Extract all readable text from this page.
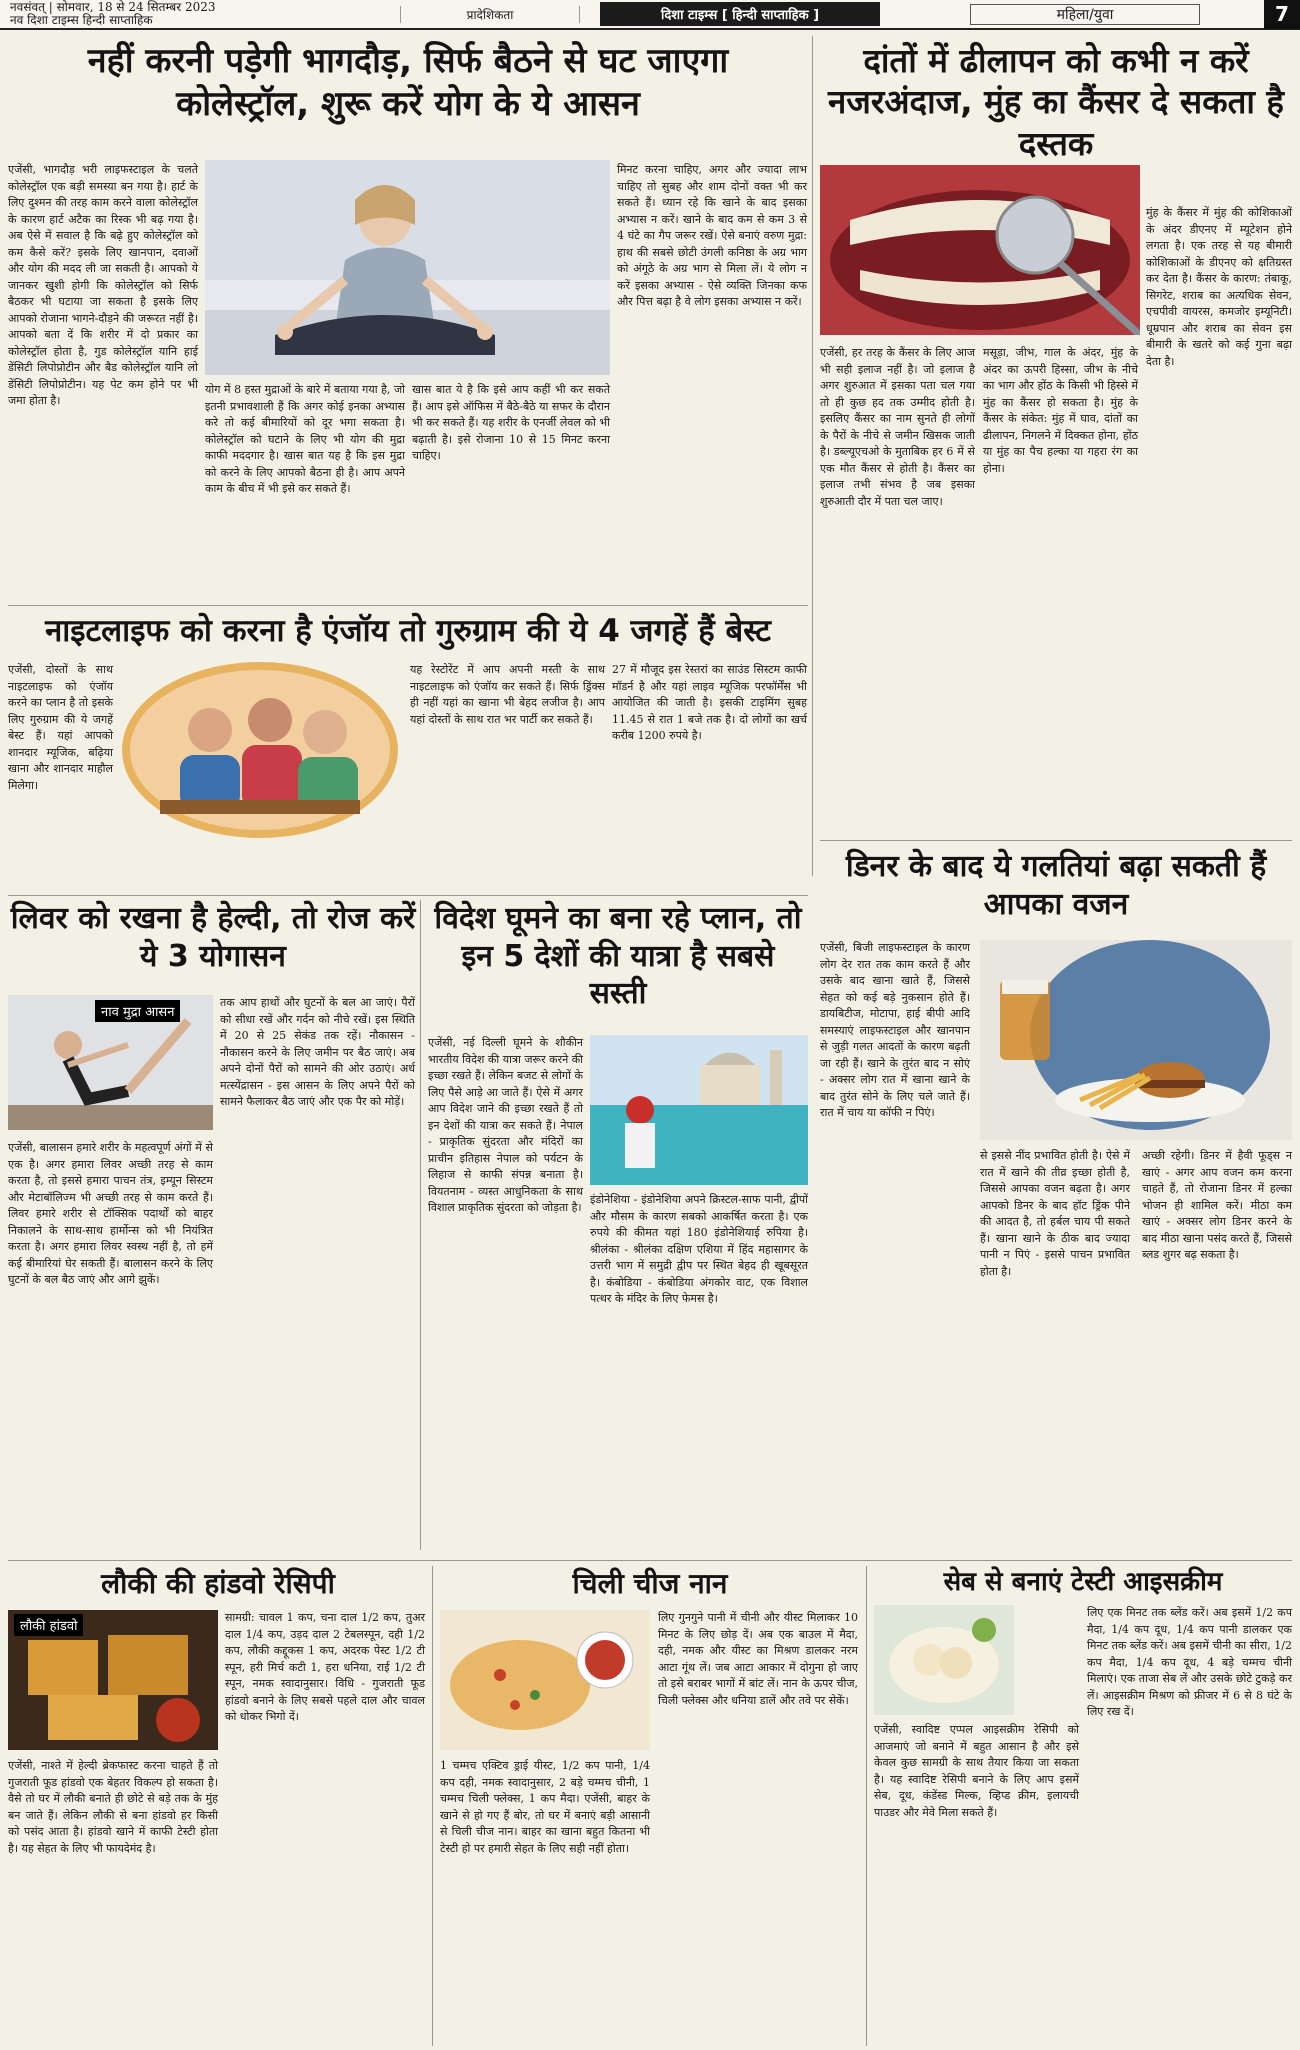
नवसंवत् | सोमवार, 18 से 24 सितम्बर 2023
नव दिशा टाइम्स हिन्दी साप्ताहिक	प्रादेशिकता	दिशा टाइम्स [ हिन्दी साप्ताहिक ]	महिला/युवा	7
नहीं करनी पड़ेगी भागदौड़, सिर्फ बैठने से घट जाएगा कोलेस्ट्रॉल, शुरू करें योग के ये आसन
एजेंसी, भागदौड़ भरी लाइफस्टाइल के चलते कोलेस्ट्रॉल एक बड़ी समस्या बन गया है। हार्ट के लिए दुश्मन की तरह काम करने वाला कोलेस्ट्रॉल के कारण हार्ट अटैक का रिस्क भी बढ़ गया है। अब ऐसे में सवाल है कि बढ़े हुए कोलेस्ट्रॉल को कम कैसे करें? इसके लिए खानपान, दवाओं और योग की मदद ली जा सकती है। आपको ये जानकर खुशी होगी कि कोलेस्ट्रॉल को सिर्फ बैठकर भी घटाया जा सकता है इसके लिए आपको रोजाना भागने-दौड़ने की जरूरत नहीं है। आपको बता दें कि शरीर में दो प्रकार का कोलेस्ट्रॉल होता है, गुड कोलेस्ट्रॉल यानि हाई डेंसिटी लिपोप्रोटीन और बैड कोलेस्ट्रॉल यानि लो डेंसिटी लिपोप्रोटीन। यह पेट कम होने पर भी जमा होता है।
योग में 8 हस्त मुद्राओं के बारे में बताया गया है, जो इतनी प्रभावशाली हैं कि अगर कोई इनका अभ्यास करे तो कई बीमारियों को दूर भगा सकता है। कोलेस्ट्रॉल को घटाने के लिए भी योग की मुद्रा काफी मददगार है। खास बात यह है कि इस मुद्रा को करने के लिए आपको बैठना ही है। आप अपने काम के बीच में भी इसे कर सकते हैं।
खास बात ये है कि इसे आप कहीं भी कर सकते हैं। आप इसे ऑफिस में बैठे-बैठे या सफर के दौरान भी कर सकते हैं। यह शरीर के एनर्जी लेवल को भी बढ़ाती है। इसे रोजाना 10 से 15 मिनट करना चाहिए।
मिनट करना चाहिए, अगर और ज्यादा लाभ चाहिए तो सुबह और शाम दोनों वक्त भी कर सकते हैं। ध्यान रहे कि खाने के बाद इसका अभ्यास न करें। खाने के बाद कम से कम 3 से 4 घंटे का गैप जरूर रखें। ऐसे बनाएं वरुण मुद्रा: हाथ की सबसे छोटी उंगली कनिष्ठा के अग्र भाग को अंगूठे के अग्र भाग से मिला लें। ये लोग न करें इसका अभ्यास - ऐसे व्यक्ति जिनका कफ और पित्त बढ़ा है वे लोग इसका अभ्यास न करें।
दांतों में ढीलापन को कभी न करें नजरअंदाज, मुंह का कैंसर दे सकता है दस्तक
मुंह के कैंसर में मुंह की कोशिकाओं के अंदर डीएनए में म्यूटेशन होने लगता है। एक तरह से यह बीमारी कोशिकाओं के डीएनए को क्षतिग्रस्त कर देता है। कैंसर के कारण: तंबाकू, सिगरेट, शराब का अत्यधिक सेवन, एचपीवी वायरस, कमजोर इम्यूनिटी। धूम्रपान और शराब का सेवन इस बीमारी के खतरे को कई गुना बढ़ा देता है।
एजेंसी, हर तरह के कैंसर के लिए आज भी सही इलाज नहीं है। जो इलाज है अगर शुरुआत में इसका पता चल गया तो ही कुछ हद तक उम्मीद होती है। इसलिए कैंसर का नाम सुनते ही लोगों के पैरों के नीचे से जमीन खिसक जाती है। डब्ल्यूएचओ के मुताबिक हर 6 में से एक मौत कैंसर से होती है। कैंसर का इलाज तभी संभव है जब इसका शुरुआती दौर में पता चल जाए।
मसूड़ा, जीभ, गाल के अंदर, मुंह के अंदर का ऊपरी हिस्सा, जीभ के नीचे का भाग और होंठ के किसी भी हिस्से में मुंह का कैंसर हो सकता है। मुंह के कैंसर के संकेत: मुंह में घाव, दांतों का ढीलापन, निगलने में दिक्कत होना, होंठ या मुंह का पैच हल्का या गहरा रंग का होना।
नाइटलाइफ को करना है एंजॉय तो गुरुग्राम की ये 4 जगहें हैं बेस्ट
एजेंसी, दोस्तों के साथ नाइटलाइफ को एंजॉय करने का प्लान है तो इसके लिए गुरुग्राम की ये जगहें बेस्ट हैं। यहां आपको शानदार म्यूजिक, बढ़िया खाना और शानदार माहौल मिलेगा।
यह रेस्टोरेंट में आप अपनी मस्ती के साथ नाइटलाइफ को एंजॉय कर सकते हैं। सिर्फ ड्रिंक्स ही नहीं यहां का खाना भी बेहद लजीज है। आप यहां दोस्तों के साथ रात भर पार्टी कर सकते हैं।
27 में मौजूद इस रेस्तरां का साउंड सिस्टम काफी मॉडर्न है और यहां लाइव म्यूजिक परफॉर्मेंस भी आयोजित की जाती है। इसकी टाइमिंग सुबह 11.45 से रात 1 बजे तक है। दो लोगों का खर्च करीब 1200 रुपये है।
डिनर के बाद ये गलतियां बढ़ा सकती हैं आपका वजन
एजेंसी, बिजी लाइफस्टाइल के कारण लोग देर रात तक काम करते हैं और उसके बाद खाना खाते हैं, जिससे सेहत को कई बड़े नुकसान होते हैं। डायबिटीज, मोटापा, हाई बीपी आदि समस्याएं लाइफस्टाइल और खानपान से जुड़ी गलत आदतों के कारण बढ़ती जा रही हैं। खाने के तुरंत बाद न सोएं - अक्सर लोग रात में खाना खाने के बाद तुरंत सोने के लिए चले जाते हैं। रात में चाय या कॉफी न पिएं।
से इससे नींद प्रभावित होती है। ऐसे में रात में खाने की तीव्र इच्छा होती है, जिससे आपका वजन बढ़ता है। अगर आपको डिनर के बाद हॉट ड्रिंक पीने की आदत है, तो हर्बल चाय पी सकते हैं। खाना खाने के ठीक बाद ज्यादा पानी न पिएं - इससे पाचन प्रभावित होता है।
अच्छी रहेगी। डिनर में हैवी फूड्स न खाएं - अगर आप वजन कम करना चाहते हैं, तो रोजाना डिनर में हल्का भोजन ही शामिल करें। मीठा कम खाएं - अक्सर लोग डिनर करने के बाद मीठा खाना पसंद करते हैं, जिससे ब्लड शुगर बढ़ सकता है।
लिवर को रखना है हेल्दी, तो रोज करें ये 3 योगासन
नाव मुद्रा आसन
तक आप हाथों और घुटनों के बल आ जाएं। पैरों को सीधा रखें और गर्दन को नीचे रखें। इस स्थिति में 20 से 25 सेकंड तक रहें। नौकासन - नौकासन करने के लिए जमीन पर बैठ जाएं। अब अपने दोनों पैरों को सामने की ओर उठाएं। अर्ध मत्स्येंद्रासन - इस आसन के लिए अपने पैरों को सामने फैलाकर बैठ जाएं और एक पैर को मोड़ें।
एजेंसी, बालासन हमारे शरीर के महत्वपूर्ण अंगों में से एक है। अगर हमारा लिवर अच्छी तरह से काम करता है, तो इससे हमारा पाचन तंत्र, इम्यून सिस्टम और मेटाबॉलिज्म भी अच्छी तरह से काम करते हैं। लिवर हमारे शरीर से टॉक्सिक पदार्थों को बाहर निकालने के साथ-साथ हार्मोन्स को भी नियंत्रित करता है। अगर हमारा लिवर स्वस्थ नहीं है, तो हमें कई बीमारियां घेर सकती हैं। बालासन करने के लिए घुटनों के बल बैठ जाएं और आगे झुकें।
विदेश घूमने का बना रहे प्लान, तो इन 5 देशों की यात्रा है सबसे सस्ती
एजेंसी, नई दिल्ली घूमने के शौकीन भारतीय विदेश की यात्रा जरूर करने की इच्छा रखते हैं। लेकिन बजट से लोगों के लिए पैसे आड़े आ जाते हैं। ऐसे में अगर आप विदेश जाने की इच्छा रखते हैं तो इन देशों की यात्रा कर सकते हैं। नेपाल - प्राकृतिक सुंदरता और मंदिरों का प्राचीन इतिहास नेपाल को पर्यटन के लिहाज से काफी संपन्न बनाता है। वियतनाम - व्यस्त आधुनिकता के साथ विशाल प्राकृतिक सुंदरता को जोड़ता है।
इंडोनेशिया - इंडोनेशिया अपने क्रिस्टल-साफ पानी, द्वीपों और मौसम के कारण सबको आकर्षित करता है। एक रुपये की कीमत यहां 180 इंडोनेशियाई रुपिया है। श्रीलंका - श्रीलंका दक्षिण एशिया में हिंद महासागर के उत्तरी भाग में समुद्री द्वीप पर स्थित बेहद ही खूबसूरत है। कंबोडिया - कंबोडिया अंगकोर वाट, एक विशाल पत्थर के मंदिर के लिए फेमस है।
लौकी की हांडवो रेसिपी
लौकी हांडवो
सामग्री: चावल 1 कप, चना दाल 1/2 कप, तुअर दाल 1/4 कप, उड़द दाल 2 टेबलस्पून, दही 1/2 कप, लौकी कद्दूकस 1 कप, अदरक पेस्ट 1/2 टी स्पून, हरी मिर्च कटी 1, हरा धनिया, राई 1/2 टी स्पून, नमक स्वादानुसार। विधि - गुजराती फूड हांडवो बनाने के लिए सबसे पहले दाल और चावल को धोकर भिगो दें।
एजेंसी, नाश्ते में हेल्दी ब्रेकफास्ट करना चाहते हैं तो गुजराती फूड हांडवो एक बेहतर विकल्प हो सकता है। वैसे तो घर में लौकी बनाते ही छोटे से बड़े तक के मुंह बन जाते हैं। लेकिन लौकी से बना हांडवो हर किसी को पसंद आता है। हांडवो खाने में काफी टेस्टी होता है। यह सेहत के लिए भी फायदेमंद है।
चिली चीज नान
लिए गुनगुने पानी में चीनी और यीस्ट मिलाकर 10 मिनट के लिए छोड़ दें। अब एक बाउल में मैदा, दही, नमक और यीस्ट का मिश्रण डालकर नरम आटा गूंथ लें। जब आटा आकार में दोगुना हो जाए तो इसे बराबर भागों में बांट लें। नान के ऊपर चीज, चिली फ्लेक्स और धनिया डालें और तवे पर सेकें।
1 चम्मच एक्टिव ड्राई यीस्ट, 1/2 कप पानी, 1/4 कप दही, नमक स्वादानुसार, 2 बड़े चम्मच चीनी, 1 चम्मच चिली फ्लेक्स, 1 कप मैदा। एजेंसी, बाहर के खाने से हो गए हैं बोर, तो घर में बनाएं बड़ी आसानी से चिली चीज नान। बाहर का खाना बहुत कितना भी टेस्टी हो पर हमारी सेहत के लिए सही नहीं होता।
सेब से बनाएं टेस्टी आइसक्रीम
एजेंसी, स्वादिष्ट एप्पल आइसक्रीम रेसिपी को आजमाएं जो बनाने में बहुत आसान है और इसे केवल कुछ सामग्री के साथ तैयार किया जा सकता है। यह स्वादिष्ट रेसिपी बनाने के लिए आप इसमें सेब, दूध, कंडेंस्ड मिल्क, व्हिप्ड क्रीम, इलायची पाउडर और मेवे मिला सकते हैं।
लिए एक मिनट तक ब्लेंड करें। अब इसमें 1/2 कप मैदा, 1/4 कप दूध, 1/4 कप पानी डालकर एक मिनट तक ब्लेंड करें। अब इसमें चीनी का सीरा, 1/2 कप मैदा, 1/4 कप दूध, 4 बड़े चम्मच चीनी मिलाएं। एक ताजा सेब लें और उसके छोटे टुकड़े कर लें। आइसक्रीम मिश्रण को फ्रीजर में 6 से 8 घंटे के लिए रख दें।
